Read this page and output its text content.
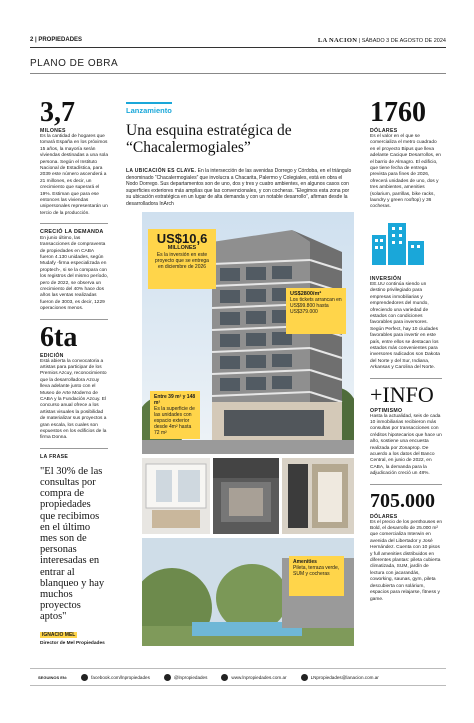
2 | PROPIEDADES	LA NACION | SÁBADO 3 DE AGOSTO DE 2024
PLANO DE OBRA
3,7
MILONES
Es la cantidad de hogares que tomará España en los próximos 15 años, la mayoría serán viviendas destinadas a una sola persona. Según el Instituto Nacional de Estadística, para 2039 este número ascenderá a 21 millones, es decir, un crecimiento que superará el 19%. Estiman que para ese entonces las viviendas unipersonales representarán un tercio de la producción.
CRECIÓ LA DEMANDA
En junio último, las transacciones de compraventa de propiedades en CABA fueron 4.130 unidades, según Mudafy -firma especializada en proptech-, si se la compara con los registros del mismo período, pero de 2022, se observa un crecimiento del 40% hace dos años las ventas realizadas fueron de 3003, es decir, 1229 operaciones menos.
6ta
EDICIÓN
Está abierta la convocatoria a artistas para participar de los Premios Azcuy, reconocimiento que la desarrolladora Azcuy lleva adelante junto con el Museo de Arte Moderno de CABA y la Fundación Azcuy. El concurso anual ofrece a los artistas visuales la posibilidad de materializar sus proyectos a gran escala, los cuales son expuestos en los edificios de la firma Donna.
LA FRASE
"El 30% de las consultas por compra de propiedades que recibimos en el último mes son de personas interesadas en entrar al blanqueo y hay muchos proyectos aptos"
IGNACIO MEL
Director de Mel Propiedades
Lanzamiento
Una esquina estratégica de “Chacalermogiales”
LA UBICACIÓN ES CLAVE. En la intersección de las avenidas Dorrego y Córdoba, en el triángulo denominado “Chacalermogiales” que involucra a Chacarita, Palermo y Colegiales, está en obra el Nodo Dorrego. Sus departamentos son de uno, dos y tres y cuatro ambientes, en algunos casos con superficies exteriores más amplias que las convencionales, y con cocheras. “Elegimos esta zona por su ubicación estratégica en un lugar de alta demanda y con un notable desarrollo”, afirman desde la desarrolladora InArch
US$10,6
MILLONES
Es la inversión en este proyecto que se entrega en diciembre de 2026
US$2800/m²
Los tickets arrancan en US$99.800 hasta US$379.000
Entre 39 m² y 148 m²
Es la superficie de las unidades con espacio exterior desde 4m² hasta 72 m²
Amenities
Pileta, terraza verde, SUM y cocheras
1760
DÓLARES
Es el valor en el que se comercializa el metro cuadrado en el proyecto Bipus que lleva adelante Cacique Desarrollos, en el barrio de Almagro. El edificio, que tiene fecha de entrega prevista para fines de 2026, ofrecerá unidades de uno, dos y tres ambientes, amenities (solarium, parrillas, bike racks, laundry y green rooftop) y 36 cocheras.
INVERSIÓN
EE.UU continúa siendo un destino privilegiado para empresas inmobiliarias y emprendedores del mundo, ofreciendo una variedad de estados con condiciones favorables para inversores. Según Perfect, hay 10 ciudades favorables para invertir en este país, entre ellos se destacan los estados más convenientes para inversores radicados son Dakota del Norte y del Sur, Indiana, Arkansas y Carolina del Norte.
+INFO
OPTIMISMO
Hasta la actualidad, seis de cada 10 inmobiliarias recibieron más consultas por transacciones con créditos hipotecarios que hace un año, sostiene una encuesta realizada por Zonaprop. De acuerdo a los datos del Banco Central, en junio de 2022, en CABA, la demanda para la adjudicación creció un 48%.
705.000
DÓLARES
Es el precio de los penthouses en Bold, el desarrollo de 25.000 m² que comercializa Interwin en avenida del Libertador y José Hernández. Cuenta con 10 pisos y full amenities distribuidos en diferentes plantas: pileta cubierta climatizada, SUM, jardín de lectura con jacarandás, coworking, saunas, gym, pileta descubierta con solárium, espacios para relajarse, fitness y game.
SEGUINOS EN:	facebook.com/lnpropiedades	@lnpropiedades	www.lnpropiedades.com.ar	LNpropiedades@lanacion.com.ar
